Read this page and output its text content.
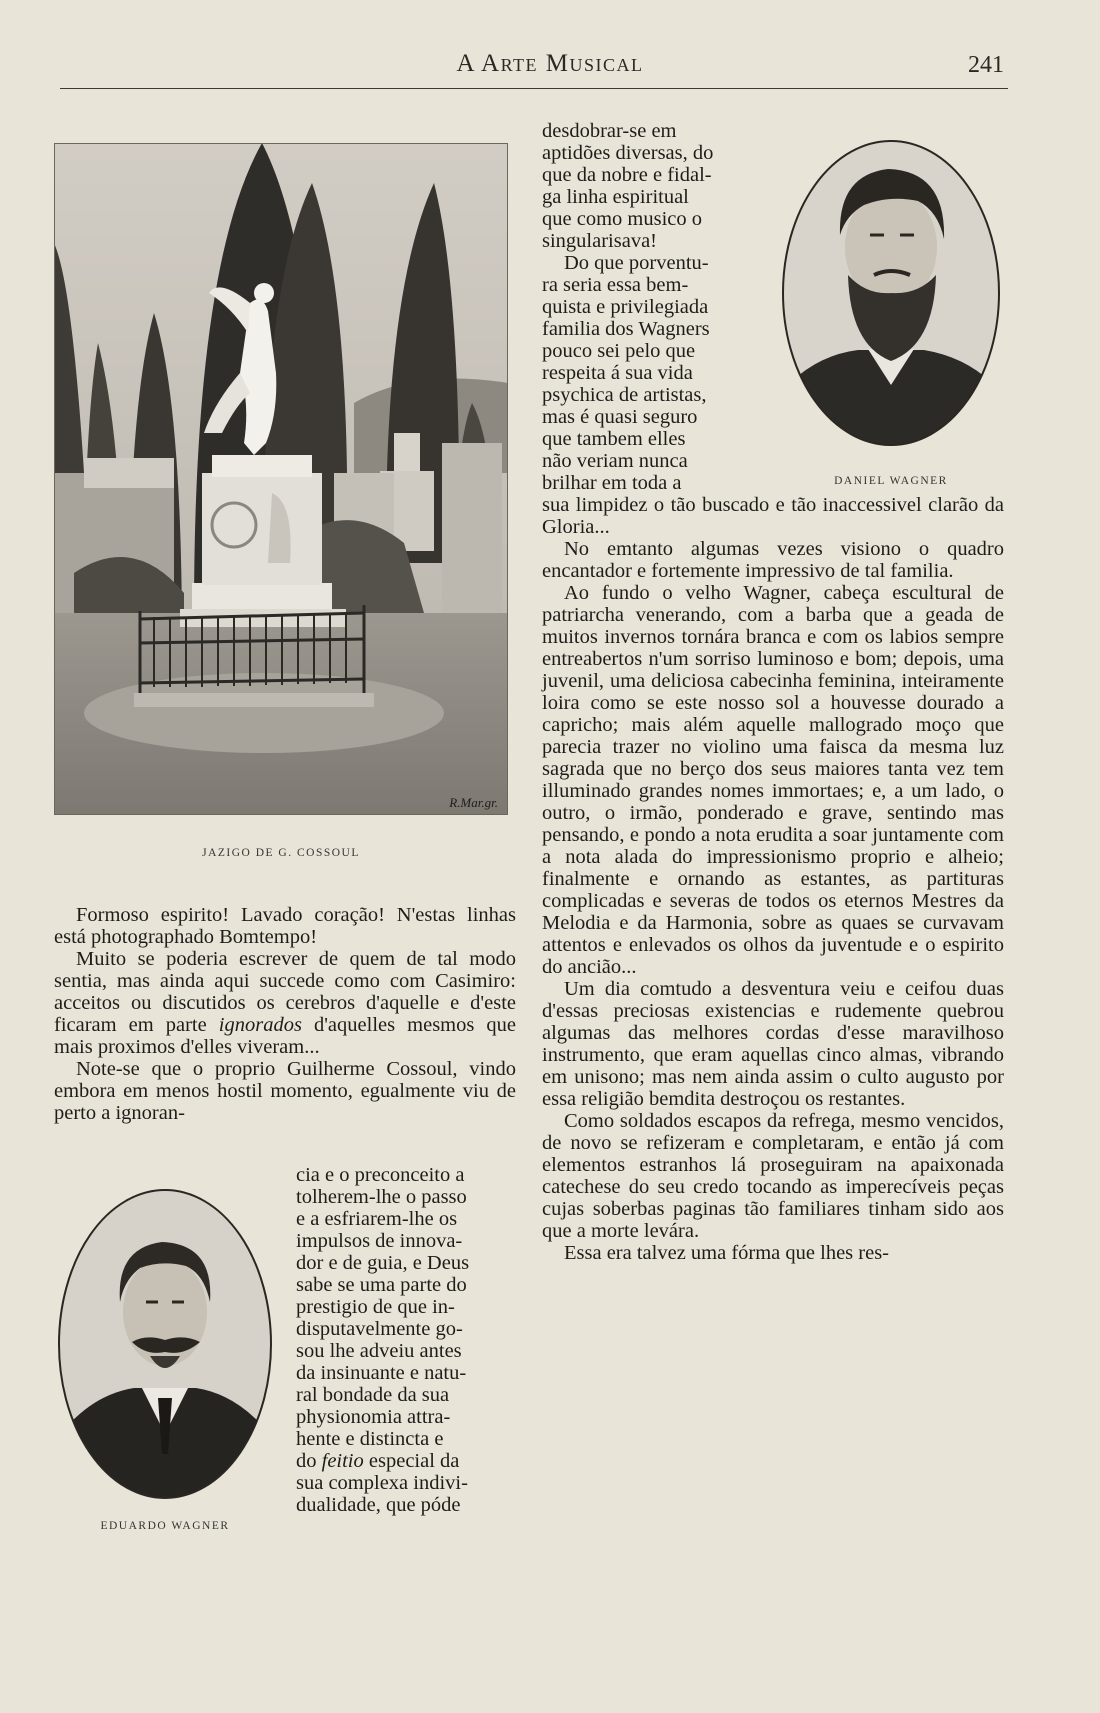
A Arte Musical	241
R.Mar.gr.
JAZIGO DE G. COSSOUL
DANIEL WAGNER
EDUARDO WAGNER
desdobrar-se em
aptidões diversas, do
que da nobre e fidal-
ga linha espiritual
que como musico o
singularisava!
Do que porventu-
ra seria essa bem-
quista e privilegiada
familia dos Wagners
pouco sei pelo que
respeita á sua vida
psychica de artistas,
mas é quasi seguro
que tambem elles
não veriam nunca
brilhar em toda a

sua limpidez o tão buscado e tão inaccessivel clarão da Gloria...

No emtanto algumas vezes visiono o quadro encantador e fortemente impressivo de tal familia.

Ao fundo o velho Wagner, cabeça escultural de patriarcha venerando, com a barba que a geada de muitos invernos tornára branca e com os labios sempre entreabertos n'um sorriso luminoso e bom; depois, uma juvenil, uma deliciosa cabecinha feminina, inteiramente loira como se este nosso sol a houvesse dourado a capricho; mais além aquelle mallogrado moço que parecia trazer no violino uma faisca da mesma luz sagrada que no berço dos seus maiores tanta vez tem illuminado grandes nomes immortaes; e, a um lado, o outro, o irmão, ponderado e grave, sentindo mas pensando, e pondo a nota erudita a soar juntamente com a nota alada do impressionismo proprio e alheio; finalmente e ornando as estantes, as partituras complicadas e severas de todos os eternos Mestres da Melodia e da Harmonia, sobre as quaes se curvavam attentos e enlevados os olhos da juventude e o espirito do ancião...

Um dia comtudo a desventura veiu e ceifou duas d'essas preciosas existencias e rudemente quebrou algumas das melhores cordas d'esse maravilhoso instrumento, que eram aquellas cinco almas, vibrando em unisono; mas nem ainda assim o culto augusto por essa religião bemdita destroçou os restantes.

Como soldados escapos da refrega, mesmo vencidos, de novo se refizeram e completaram, e então já com elementos estranhos lá proseguiram na apaixonada catechese do seu credo tocando as imperecíveis peças cujas soberbas paginas tão familiares tinham sido aos que a morte levára.

Essa era talvez uma fórma que lhes res-

Formoso espirito! Lavado coração! N'estas linhas está photographado Bomtempo!

Muito se poderia escrever de quem de tal modo sentia, mas ainda aqui succede como com Casimiro: acceitos ou discutidos os cerebros d'aquelle e d'este ficaram em parte ignorados d'aquelles mesmos que mais proximos d'elles viveram...

Note-se que o proprio Guilherme Cossoul, vindo embora em menos hostil momento, egualmente viu de perto a ignoran-

cia e o preconceito a
tolherem-lhe o passo
e a esfriarem-lhe os
impulsos de innova-
dor e de guia, e Deus
sabe se uma parte do
prestigio de que in-
disputavelmente go-
sou lhe adveiu antes
da insinuante e natu-
ral bondade da sua
physionomia attra-
hente e distincta e
do feitio especial da
sua complexa indivi-
dualidade, que póde
